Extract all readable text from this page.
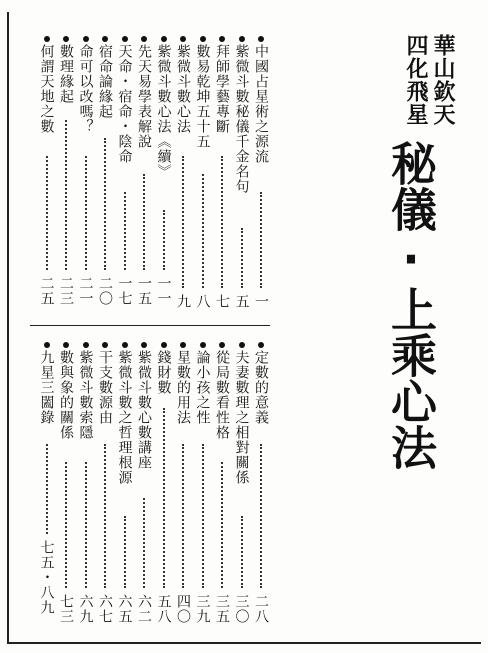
華山欽天
四化飛星
秘儀·上乘心法
中國占星術之源流
一
紫微斗數秘儀千金名句
五
拜師學藝專斷
七
數易乾坤五十五
八
紫微斗數心法
九
紫微斗數心法《續》
一一
先天易學表解說
一五
天命・宿命・陰命
一七
宿命論緣起
二〇
命可以改嗎？
二一
數理緣起
二三
何謂天地之數
二五
定數的意義
二八
夫妻數理之相對關係
三〇
從局數看性格
三五
論小孩之性
三九
星數的用法
四〇
錢財數
五八
紫微斗數心數講座
六二
紫微斗數之哲理根源
六五
干支數源由
六七
紫微斗數索隱
六九
數與象的關係
七三
九星三闔錄
七五・八九
